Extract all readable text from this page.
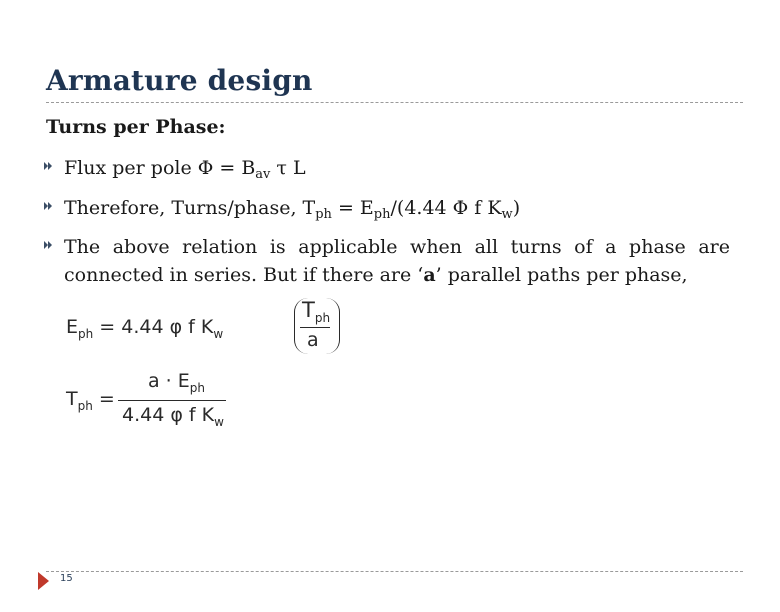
Armature design
Turns per Phase:
Flux per pole $\Phi = B_{av}$ τ L
Therefore, Turns/phase, $T_{ph} = E_{ph}/(4.44$ Φ f $K_w$)
The above relation is applicable when all turns of a phase are connected in series. But if there are ‘a’ parallel paths per phase,
$E_{ph} = 4.44$ φ f $K_w$
$T_{ph}$
a
$T_{ph}$ =
$a \cdot E_{ph}$
4.44 φ f $K_w$
15
